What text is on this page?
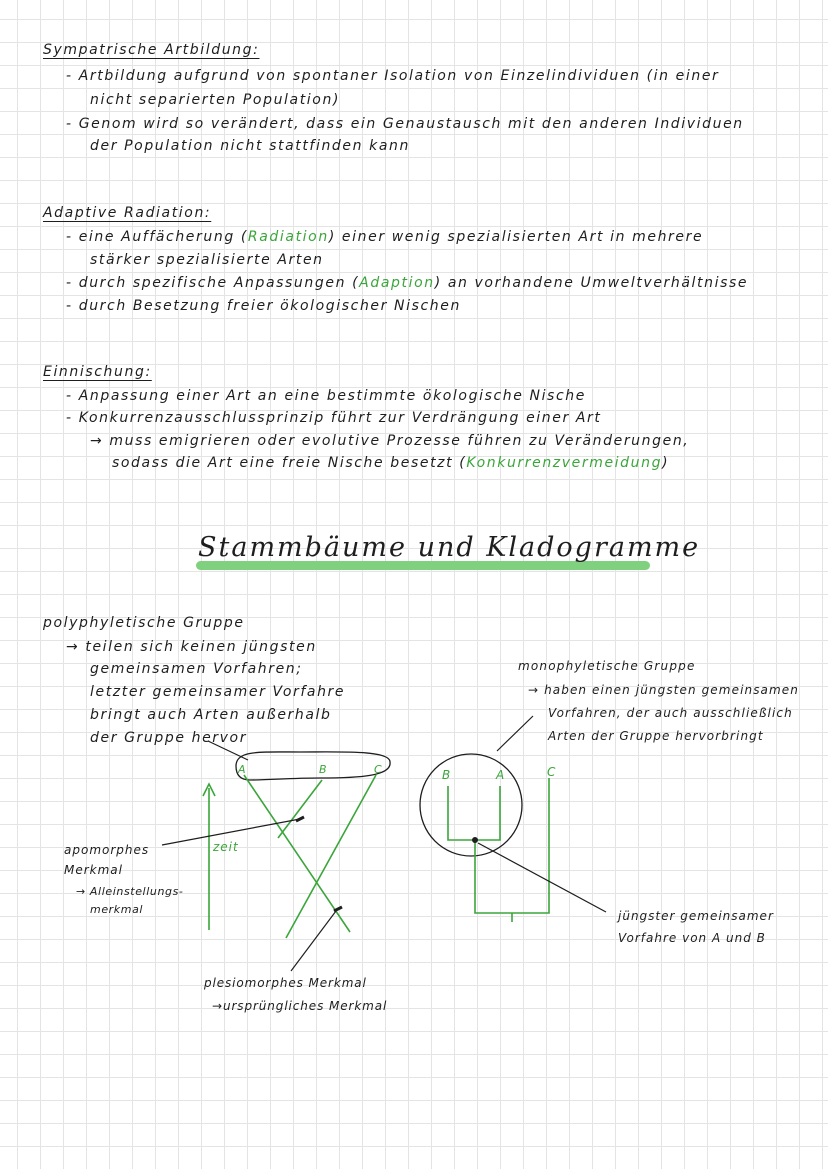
Sympatrische Artbildung:
- Artbildung aufgrund von spontaner Isolation von Einzelindividuen (in einer
nicht separierten Population)
- Genom wird so verändert, dass ein Genaustausch mit den anderen Individuen
der Population nicht stattfinden kann
Adaptive Radiation:
- eine Auffächerung (Radiation) einer wenig spezialisierten Art in mehrere
stärker spezialisierte Arten
- durch spezifische Anpassungen (Adaption) an vorhandene Umweltverhältnisse
- durch Besetzung freier ökologischer Nischen
Einnischung:
- Anpassung einer Art an eine bestimmte ökologische Nische
- Konkurrenzausschlussprinzip führt zur Verdrängung einer Art
→ muss emigrieren oder evolutive Prozesse führen zu Veränderungen,
sodass die Art eine freie Nische besetzt (Konkurrenzvermeidung)
Stammbäume und Kladogramme
polyphyletische Gruppe
→ teilen sich keinen jüngsten
gemeinsamen Vorfahren;
letzter gemeinsamer Vorfahre
bringt auch Arten außerhalb
der Gruppe hervor
monophyletische Gruppe
→ haben einen jüngsten gemeinsamen
Vorfahren, der auch ausschließlich
Arten der Gruppe hervorbringt
apomorphes
Merkmal
→ Alleinstellungs-
merkmal
zeit
plesiomorphes Merkmal
→ursprüngliches Merkmal
jüngster gemeinsamer
Vorfahre von A und B
A	B	C	B	A	C
